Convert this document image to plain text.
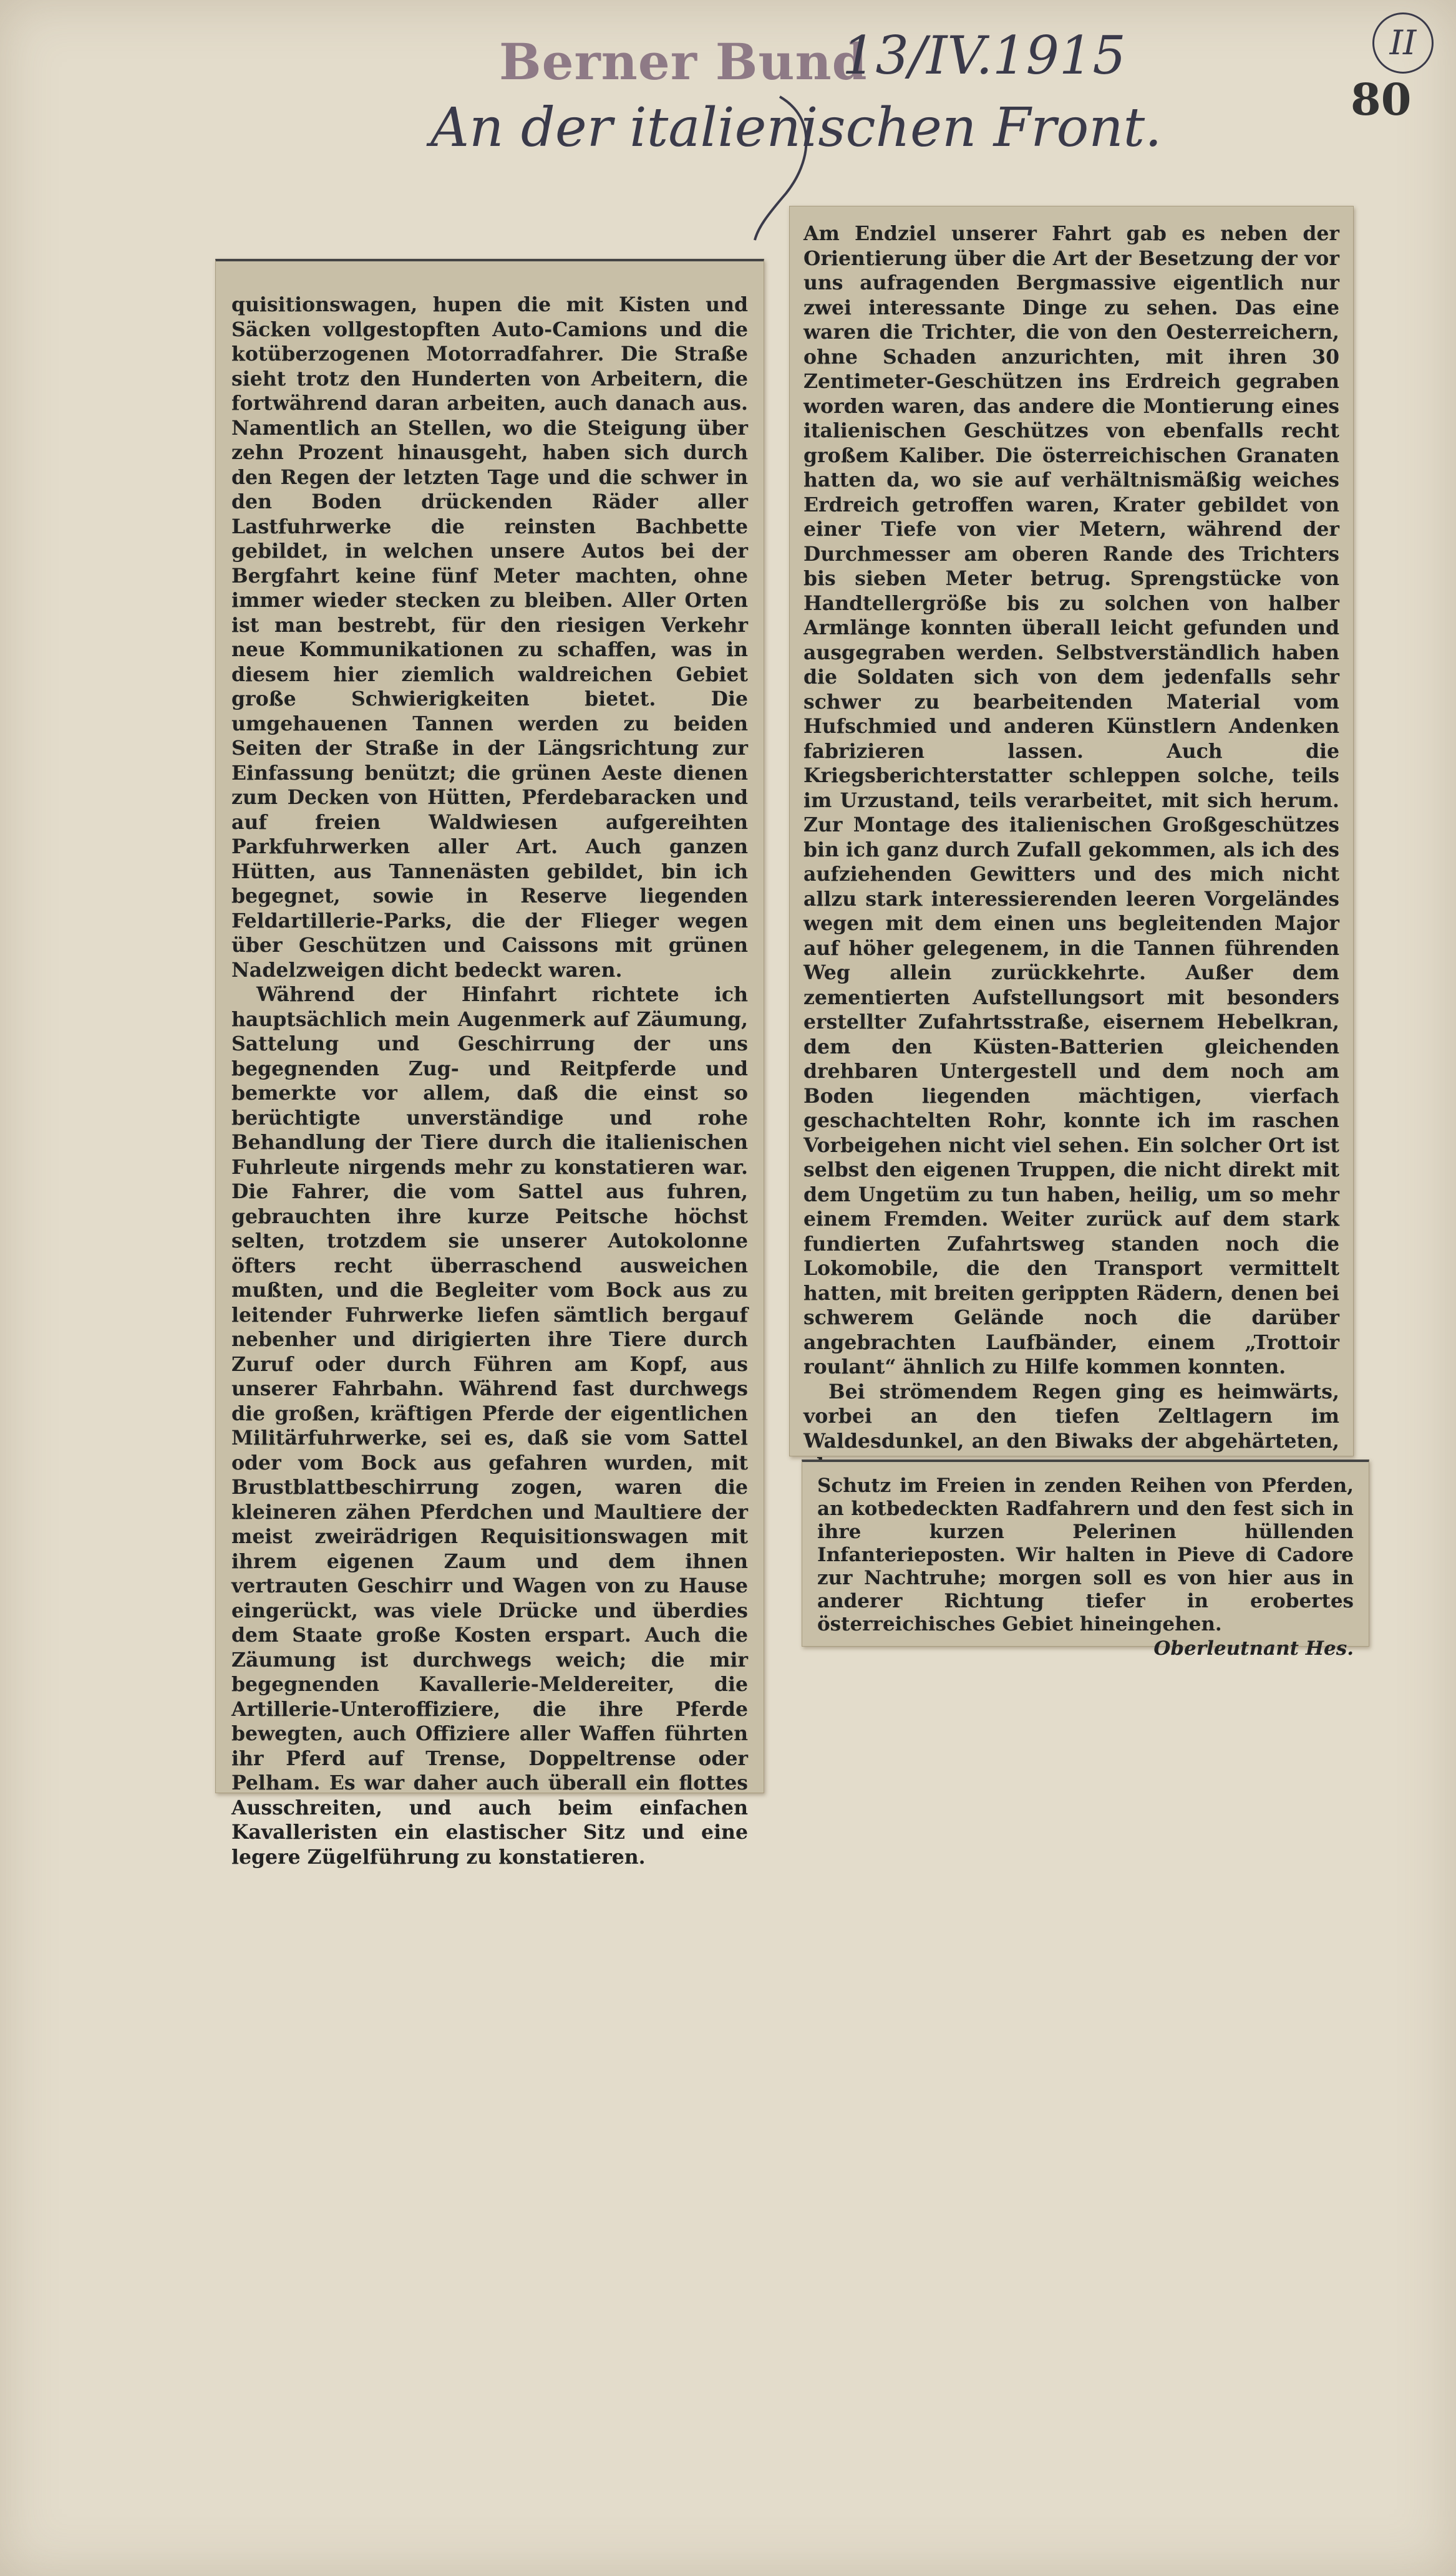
Berner Bund
13/IV.1915
An der italienischen Front.
II
80

quisitionswagen, hupen die mit Kisten und Säcken vollgestopften Auto-Camions und die kotüberzogenen Motorradfahrer. Die Straße sieht trotz den Hunderten von Arbeitern, die fortwährend daran arbeiten, auch danach aus. Namentlich an Stellen, wo die Steigung über zehn Prozent hinausgeht, haben sich durch den Regen der letzten Tage und die schwer in den Boden drückenden Räder aller Lastfuhrwerke die reinsten Bachbette gebildet, in welchen unsere Autos bei der Bergfahrt keine fünf Meter machten, ohne immer wieder stecken zu bleiben. Aller Orten ist man bestrebt, für den riesigen Verkehr neue Kommunikationen zu schaffen, was in diesem hier ziemlich waldreichen Gebiet große Schwierigkeiten bietet. Die umgehauenen Tannen werden zu beiden Seiten der Straße in der Längsrichtung zur Einfassung benützt; die grünen Aeste dienen zum Decken von Hütten, Pferdebaracken und auf freien Waldwiesen aufgereihten Parkfuhrwerken aller Art. Auch ganzen Hütten, aus Tannenästen gebildet, bin ich begegnet, sowie in Reserve liegenden Feldartillerie-Parks, die der Flieger wegen über Geschützen und Caissons mit grünen Nadelzweigen dicht bedeckt waren.

Während der Hinfahrt richtete ich hauptsächlich mein Augenmerk auf Zäumung, Sattelung und Geschirrung der uns begegnenden Zug- und Reitpferde und bemerkte vor allem, daß die einst so berüchtigte unverständige und rohe Behandlung der Tiere durch die italienischen Fuhrleute nirgends mehr zu konstatieren war. Die Fahrer, die vom Sattel aus fuhren, gebrauchten ihre kurze Peitsche höchst selten, trotzdem sie unserer Autokolonne öfters recht überraschend ausweichen mußten, und die Begleiter vom Bock aus zu leitender Fuhrwerke liefen sämtlich bergauf nebenher und dirigierten ihre Tiere durch Zuruf oder durch Führen am Kopf, aus unserer Fahrbahn. Während fast durchwegs die großen, kräftigen Pferde der eigentlichen Militärfuhrwerke, sei es, daß sie vom Sattel oder vom Bock aus gefahren wurden, mit Brustblattbeschirrung zogen, waren die kleineren zähen Pferdchen und Maultiere der meist zweirädrigen Requisitionswagen mit ihrem eigenen Zaum und dem ihnen vertrauten Geschirr und Wagen von zu Hause eingerückt, was viele Drücke und überdies dem Staate große Kosten erspart. Auch die Zäumung ist durchwegs weich; die mir begegnenden Kavallerie-Meldereiter, die Artillerie-Unteroffiziere, die ihre Pferde bewegten, auch Offiziere aller Waffen führten ihr Pferd auf Trense, Doppeltrense oder Pelham. Es war daher auch überall ein flottes Ausschreiten, und auch beim einfachen Kavalleristen ein elastischer Sitz und eine legere Zügelführung zu konstatieren.

Am Endziel unserer Fahrt gab es neben der Orientierung über die Art der Besetzung der vor uns aufragenden Bergmassive eigentlich nur zwei interessante Dinge zu sehen. Das eine waren die Trichter, die von den Oesterreichern, ohne Schaden anzurichten, mit ihren 30 Zentimeter-Geschützen ins Erdreich gegraben worden waren, das andere die Montierung eines italienischen Geschützes von ebenfalls recht großem Kaliber. Die österreichischen Granaten hatten da, wo sie auf verhältnismäßig weiches Erdreich getroffen waren, Krater gebildet von einer Tiefe von vier Metern, während der Durchmesser am oberen Rande des Trichters bis sieben Meter betrug. Sprengstücke von Handtellergröße bis zu solchen von halber Armlänge konnten überall leicht gefunden und ausgegraben werden. Selbstverständlich haben die Soldaten sich von dem jedenfalls sehr schwer zu bearbeitenden Material vom Hufschmied und anderen Künstlern Andenken fabrizieren lassen. Auch die Kriegsberichterstatter schleppen solche, teils im Urzustand, teils verarbeitet, mit sich herum. Zur Montage des italienischen Großgeschützes bin ich ganz durch Zufall gekommen, als ich des aufziehenden Gewitters und des mich nicht allzu stark interessierenden leeren Vorgeländes wegen mit dem einen uns begleitenden Major auf höher gelegenem, in die Tannen führenden Weg allein zurückkehrte. Außer dem zementierten Aufstellungsort mit besonders erstellter Zufahrtsstraße, eisernem Hebelkran, dem den Küsten-Batterien gleichenden drehbaren Untergestell und dem noch am Boden liegenden mächtigen, vierfach geschachtelten Rohr, konnte ich im raschen Vorbeigehen nicht viel sehen. Ein solcher Ort ist selbst den eigenen Truppen, die nicht direkt mit dem Ungetüm zu tun haben, heilig, um so mehr einem Fremden. Weiter zurück auf dem stark fundierten Zufahrtsweg standen noch die Lokomobile, die den Transport vermittelt hatten, mit breiten gerippten Rädern, denen bei schwerem Gelände noch die darüber angebrachten Laufbänder, einem „Trottoir roulant“ ähnlich zu Hilfe kommen konnten.

Bei strömendem Regen ging es heimwärts, vorbei an den tiefen Zeltlagern im Waldesdunkel, an den Biwaks der abgehärteten,

Schutz im Freien in zenden Reihen von Pferden, an kotbedeckten Radfahrern und den fest sich in ihre kurzen Pelerinen hüllenden Infanterieposten. Wir halten in Pieve di Cadore zur Nachtruhe; morgen soll es von hier aus in anderer Richtung tiefer in erobertes österreichisches Gebiet hineingehen.

Oberleutnant Hes.
